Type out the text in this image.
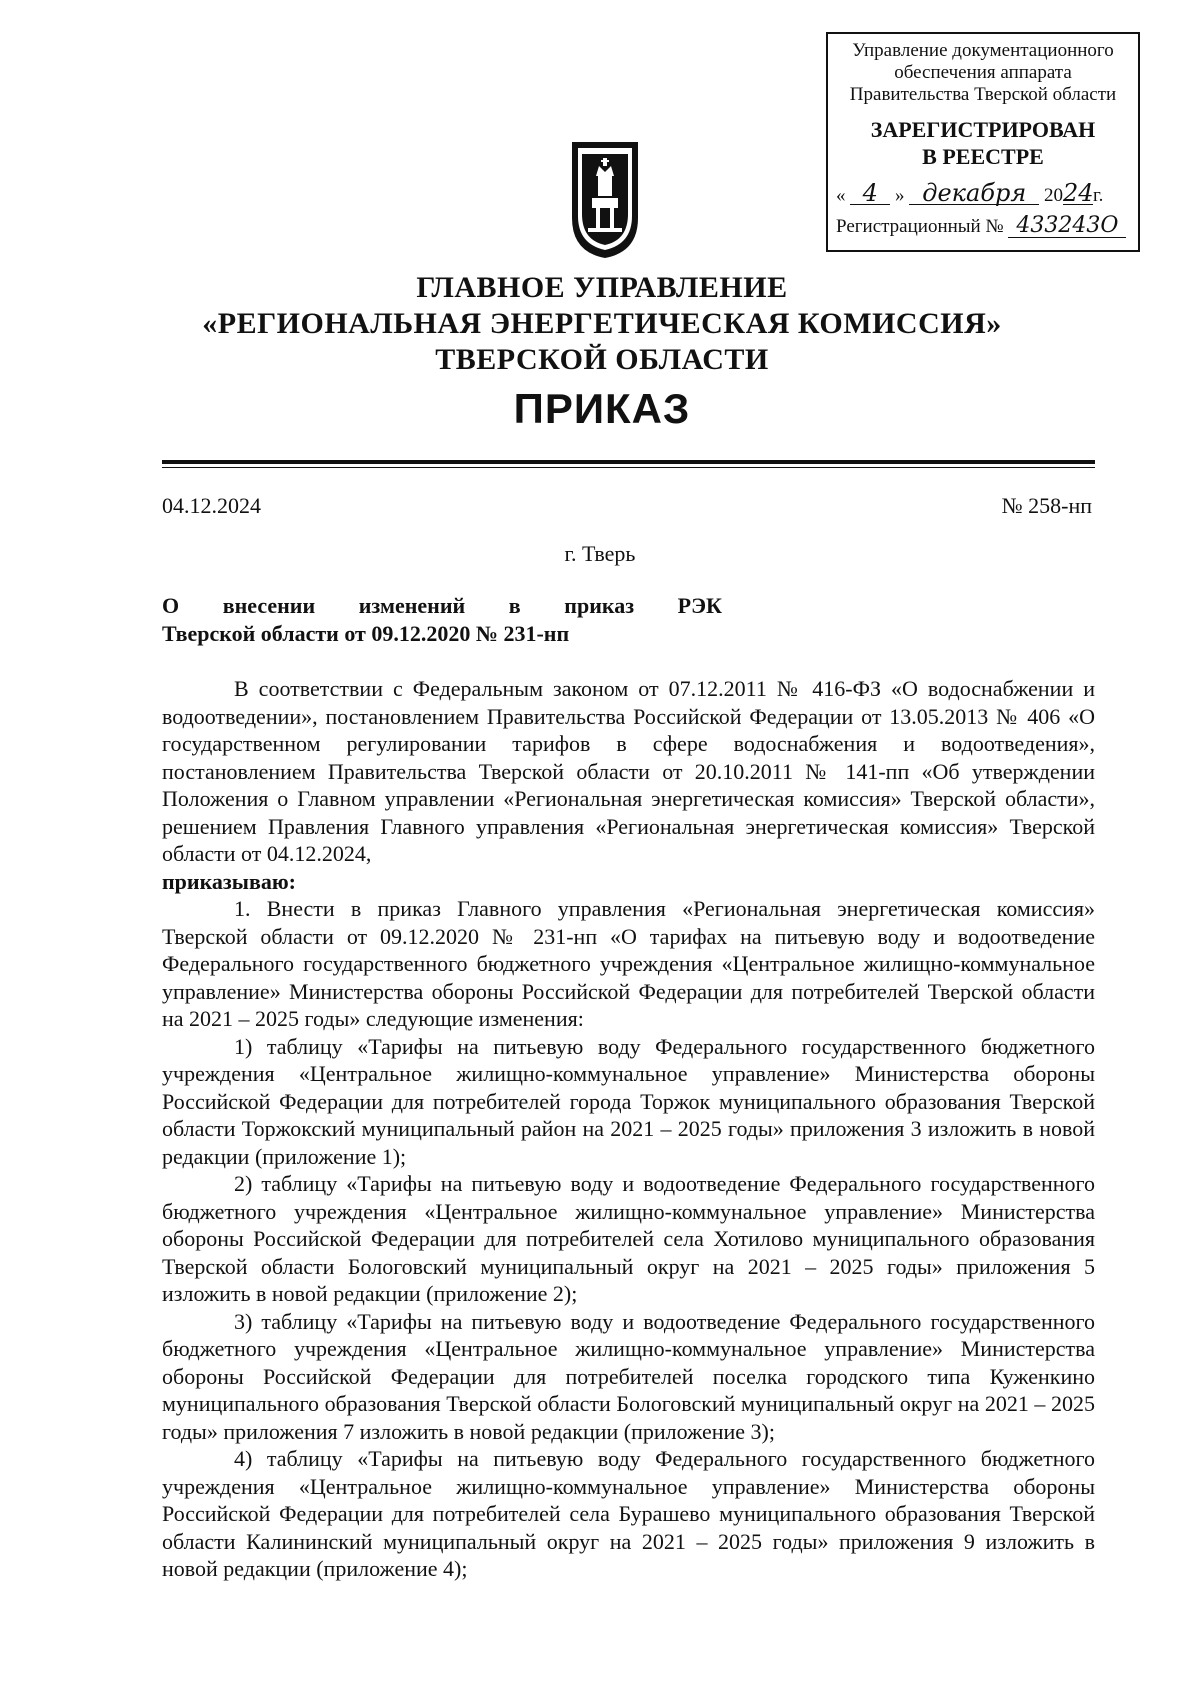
Управление документационного
обеспечения аппарата
Правительства Тверской области
ЗАРЕГИСТРИРОВАН
В РЕЕСТРЕ
« 4 » декабря 2024г.
Регистрационный № 433243О
ГЛАВНОЕ УПРАВЛЕНИЕ
«РЕГИОНАЛЬНАЯ ЭНЕРГЕТИЧЕСКАЯ КОМИССИЯ»
ТВЕРСКОЙ ОБЛАСТИ
ПРИКАЗ
04.12.2024	№ 258-нп
г. Тверь
О внесении изменений в приказ РЭК
Тверской области от 09.12.2020 № 231-нп

В соответствии с Федеральным законом от 07.12.2011 № 416-ФЗ «О водоснабжении и водоотведении», постановлением Правительства Российской Федерации от 13.05.2013 № 406 «О государственном регулировании тарифов в сфере водоснабжения и водоотведения», постановлением Правительства Тверской области от 20.10.2011 № 141-пп «Об утверждении Положения о Главном управлении «Региональная энергетическая комиссия» Тверской области», решением Правления Главного управления «Региональная энергетическая комиссия» Тверской области от 04.12.2024,

приказываю:

1. Внести в приказ Главного управления «Региональная энергетическая комиссия» Тверской области от 09.12.2020 № 231-нп «О тарифах на питьевую воду и водоотведение Федерального государственного бюджетного учреждения «Центральное жилищно-коммунальное управление» Министерства обороны Российской Федерации для потребителей Тверской области на 2021 – 2025 годы» следующие изменения:

1) таблицу «Тарифы на питьевую воду Федерального государственного бюджетного учреждения «Центральное жилищно-коммунальное управление» Министерства обороны Российской Федерации для потребителей города Торжок муниципального образования Тверской области Торжокский муниципальный район на 2021 – 2025 годы» приложения 3 изложить в новой редакции (приложение 1);

2) таблицу «Тарифы на питьевую воду и водоотведение Федерального государственного бюджетного учреждения «Центральное жилищно-коммунальное управление» Министерства обороны Российской Федерации для потребителей села Хотилово муниципального образования Тверской области Бологовский муниципальный округ на 2021 – 2025 годы» приложения 5 изложить в новой редакции (приложение 2);

3) таблицу «Тарифы на питьевую воду и водоотведение Федерального государственного бюджетного учреждения «Центральное жилищно-коммунальное управление» Министерства обороны Российской Федерации для потребителей поселка городского типа Куженкино муниципального образования Тверской области Бологовский муниципальный округ на 2021 – 2025 годы» приложения 7 изложить в новой редакции (приложение 3);

4) таблицу «Тарифы на питьевую воду Федерального государственного бюджетного учреждения «Центральное жилищно-коммунальное управление» Министерства обороны Российской Федерации для потребителей села Бурашево муниципального образования Тверской области Калининский муниципальный округ на 2021 – 2025 годы» приложения 9 изложить в новой редакции (приложение 4);
